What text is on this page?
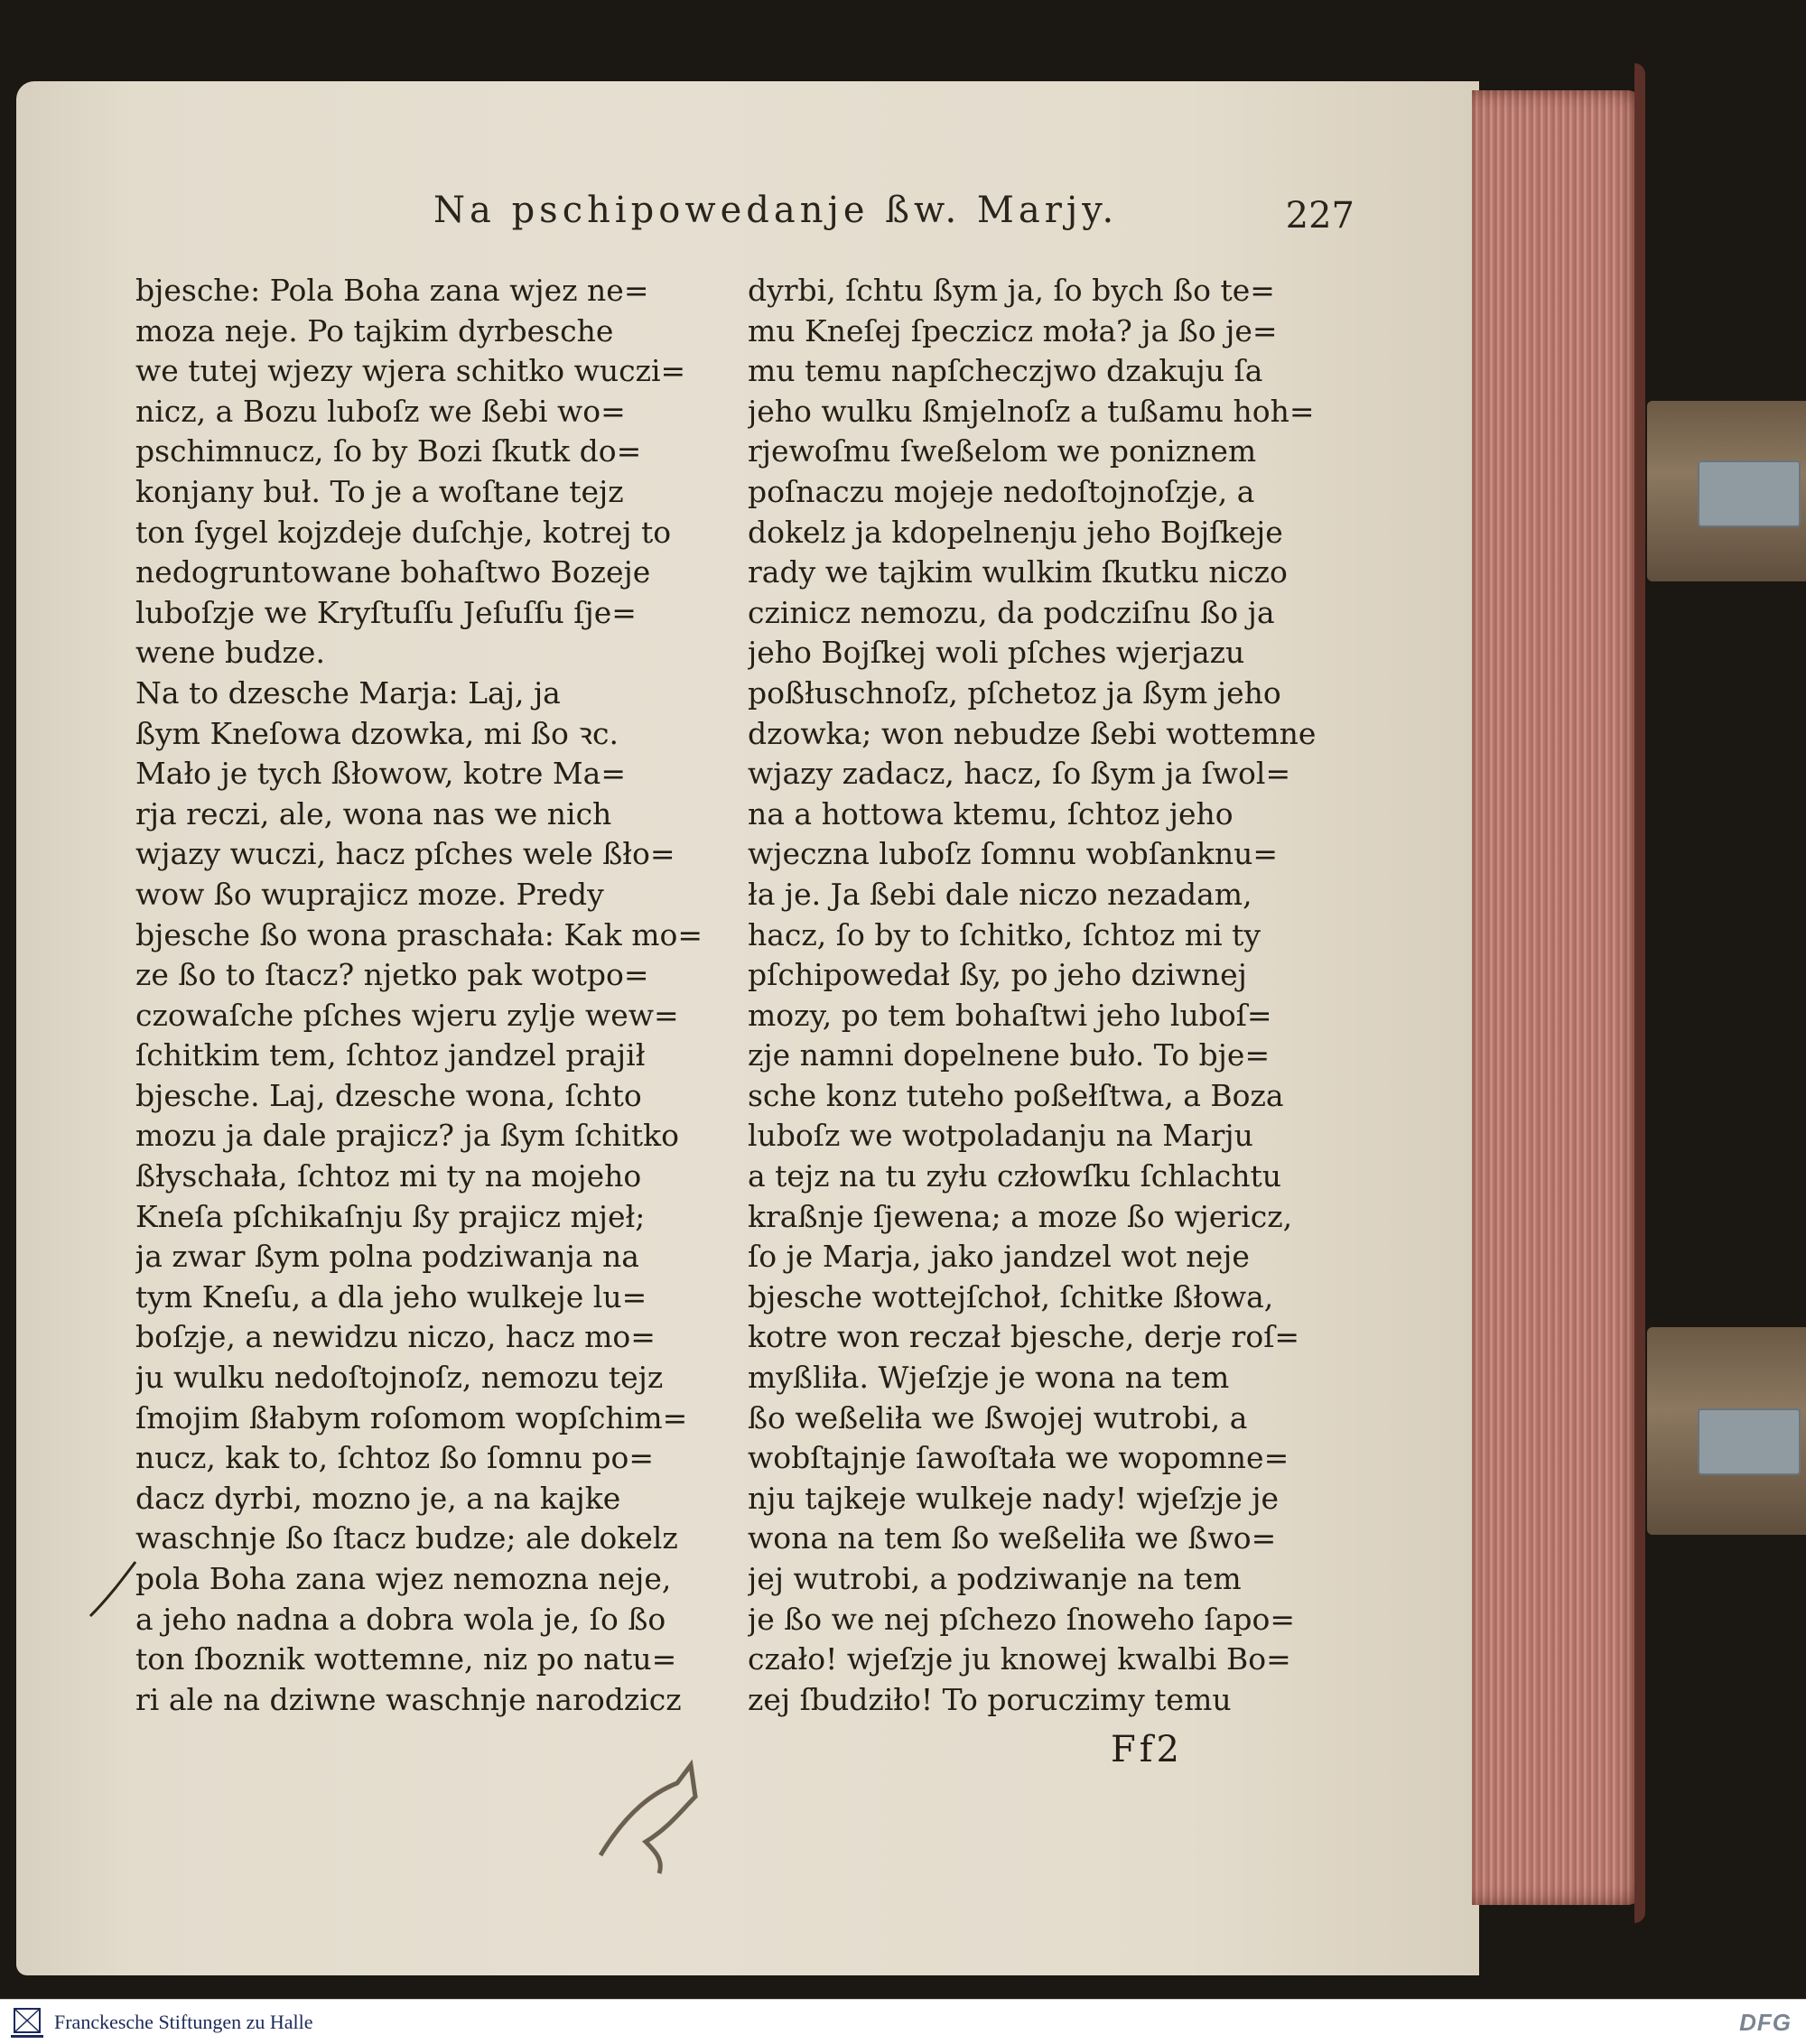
Na pschipowedanje ßw. Marjy.	227
bjesche: Pola Boha zana wjez ne=
moza neje. Po tajkim dyrbesche
we tutej wjezy wjera schitko wuczi=
nicz, a Bozu luboſz we ßebi wo=
pschimnucz, ſo by Bozi ſkutk do=
konjany buł. To je a woſtane tejz
ton ſygel kojzdeje duſchje, kotrej to
nedogruntowane bohaſtwo Bozeje
luboſzje we Kryſtuſſu Jeſuſſu ſje=
wene budze.
Na to dzesche Marja: Laj, ja
ßym Kneſowa dzowka, mi ßo ꝛc.
Mało je tych ßłowow, kotre Ma=
rja reczi, ale, wona nas we nich
wjazy wuczi, hacz pſches wele ßło=
wow ßo wuprajicz moze. Predy
bjesche ßo wona praschała: Kak mo=
ze ßo to ſtacz? njetko pak wotpo=
czowaſche pſches wjeru zylje wew=
ſchitkim tem, ſchtoz jandzel prajił
bjesche. Laj, dzesche wona, ſchto
mozu ja dale prajicz? ja ßym ſchitko
ßłyschała, ſchtoz mi ty na mojeho
Kneſa pſchikaſnju ßy prajicz mjeł;
ja zwar ßym polna podziwanja na
tym Kneſu, a dla jeho wulkeje lu=
boſzje, a newidzu niczo, hacz mo=
ju wulku nedoſtojnoſz, nemozu tejz
ſmojim ßłabym roſomom wopſchim=
nucz, kak to, ſchtoz ßo ſomnu po=
dacz dyrbi, mozno je, a na kajke
waschnje ßo ſtacz budze; ale dokelz
pola Boha zana wjez nemozna neje,
a jeho nadna a dobra wola je, ſo ßo
ton ſboznik wottemne, niz po natu=
ri ale na dziwne waschnje narodzicz
dyrbi, ſchtu ßym ja, ſo bych ßo te=
mu Kneſej ſpeczicz moła? ja ßo je=
mu temu napſcheczjwo dzakuju ſa
jeho wulku ßmjelnoſz a tußamu hoh=
rjewoſmu ſweßelom we poniznem
poſnaczu mojeje nedoſtojnoſzje, a
dokelz ja kdopelnenju jeho Bojſkeje
rady we tajkim wulkim ſkutku niczo
czinicz nemozu, da podcziſnu ßo ja
jeho Bojſkej woli pſches wjerjazu
poßłuschnoſz, pſchetoz ja ßym jeho
dzowka; won nebudze ßebi wottemne
wjazy zadacz, hacz, ſo ßym ja ſwol=
na a hottowa ktemu, ſchtoz jeho
wjeczna luboſz ſomnu wobſanknu=
ła je. Ja ßebi dale niczo nezadam,
hacz, ſo by to ſchitko, ſchtoz mi ty
pſchipowedał ßy, po jeho dziwnej
mozy, po tem bohaſtwi jeho luboſ=
zje namni dopelnene buło. To bje=
sche konz tuteho poßełſtwa, a Boza
luboſz we wotpoladanju na Marju
a tejz na tu zyłu człowſku ſchlachtu
kraßnje ſjewena; a moze ßo wjericz,
ſo je Marja, jako jandzel wot neje
bjesche wottejſchoł, ſchitke ßłowa,
kotre won reczał bjesche, derje roſ=
myßliła. Wjeſzje je wona na tem
ßo weßeliła we ßwojej wutrobi, a
wobſtajnje ſawoſtała we wopomne=
nju tajkeje wulkeje nady! wjeſzje je
wona na tem ßo weßeliła we ßwo=
jej wutrobi, a podziwanje na tem
je ßo we nej pſchezo ſnoweho ſapo=
czało! wjeſzje ju knowej kwalbi Bo=
zej ſbudziło! To poruczimy temu
Ff2
Franckesche Stiftungen zu Halle	DFG
